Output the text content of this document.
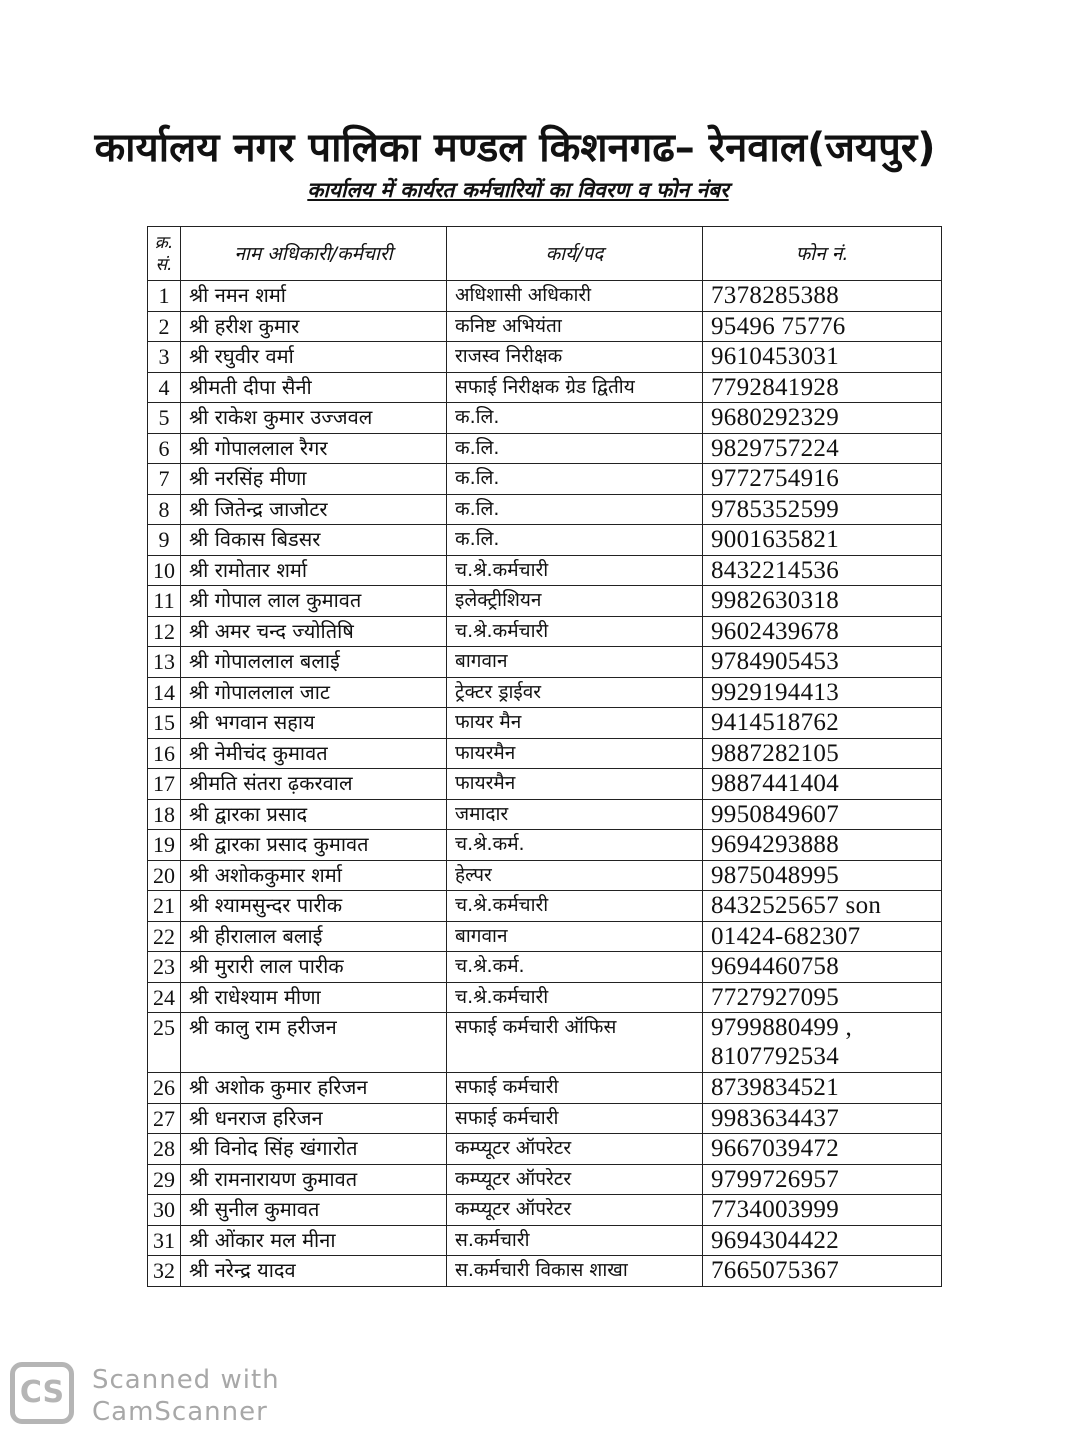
कार्यालय नगर पालिका मण्डल किशनगढ– रेनवाल(जयपुर)
कार्यालय में कार्यरत कर्मचारियों का विवरण व फोन नंबर
क्र. सं.	नाम अधिकारी/कर्मचारी	कार्य/पद	फोन नं.
1	श्री नमन शर्मा	अधिशासी अधिकारी	7378285388
2	श्री हरीश कुमार	कनिष्ट अभियंता	95496 75776
3	श्री रघुवीर वर्मा	राजस्व निरीक्षक	9610453031
4	श्रीमती दीपा सैनी	सफाई निरीक्षक ग्रेड द्वितीय	7792841928
5	श्री राकेश कुमार उज्जवल	क.लि.	9680292329
6	श्री गोपाललाल रैगर	क.लि.	9829757224
7	श्री नरसिंह मीणा	क.लि.	9772754916
8	श्री जितेन्द्र जाजोटर	क.लि.	9785352599
9	श्री विकास बिडसर	क.लि.	9001635821
10	श्री रामोतार शर्मा	च.श्रे.कर्मचारी	8432214536
11	श्री गोपाल लाल कुमावत	इलेक्ट्रीशियन	9982630318
12	श्री अमर चन्द ज्योतिषि	च.श्रे.कर्मचारी	9602439678
13	श्री गोपाललाल बलाई	बागवान	9784905453
14	श्री गोपाललाल जाट	ट्रेक्टर ड्राईवर	9929194413
15	श्री भगवान सहाय	फायर मैन	9414518762
16	श्री नेमीचंद कुमावत	फायरमैन	9887282105
17	श्रीमति संतरा ढ़करवाल	फायरमैन	9887441404
18	श्री द्वारका प्रसाद	जमादार	9950849607
19	श्री द्वारका प्रसाद कुमावत	च.श्रे.कर्म.	9694293888
20	श्री अशोककुमार शर्मा	हेल्पर	9875048995
21	श्री श्यामसुन्दर पारीक	च.श्रे.कर्मचारी	8432525657 son
22	श्री हीरालाल बलाई	बागवान	01424-682307
23	श्री मुरारी लाल पारीक	च.श्रे.कर्म.	9694460758
24	श्री राधेश्याम मीणा	च.श्रे.कर्मचारी	7727927095
25	श्री कालु राम हरीजन	सफाई कर्मचारी ऑफिस	9799880499 ,
8107792534

26	श्री अशोक कुमार हरिजन	सफाई कर्मचारी	8739834521
27	श्री धनराज हरिजन	सफाई कर्मचारी	9983634437
28	श्री विनोद सिंह खंगारोत	कम्प्यूटर ऑपरेटर	9667039472
29	श्री रामनारायण कुमावत	कम्प्यूटर ऑपरेटर	9799726957
30	श्री सुनील कुमावत	कम्प्यूटर ऑपरेटर	7734003999
31	श्री ओंकार मल मीना	स.कर्मचारी	9694304422
32	श्री नरेन्द्र यादव	स.कर्मचारी विकास शाखा	7665075367
CS	Scanned with
CamScanner
